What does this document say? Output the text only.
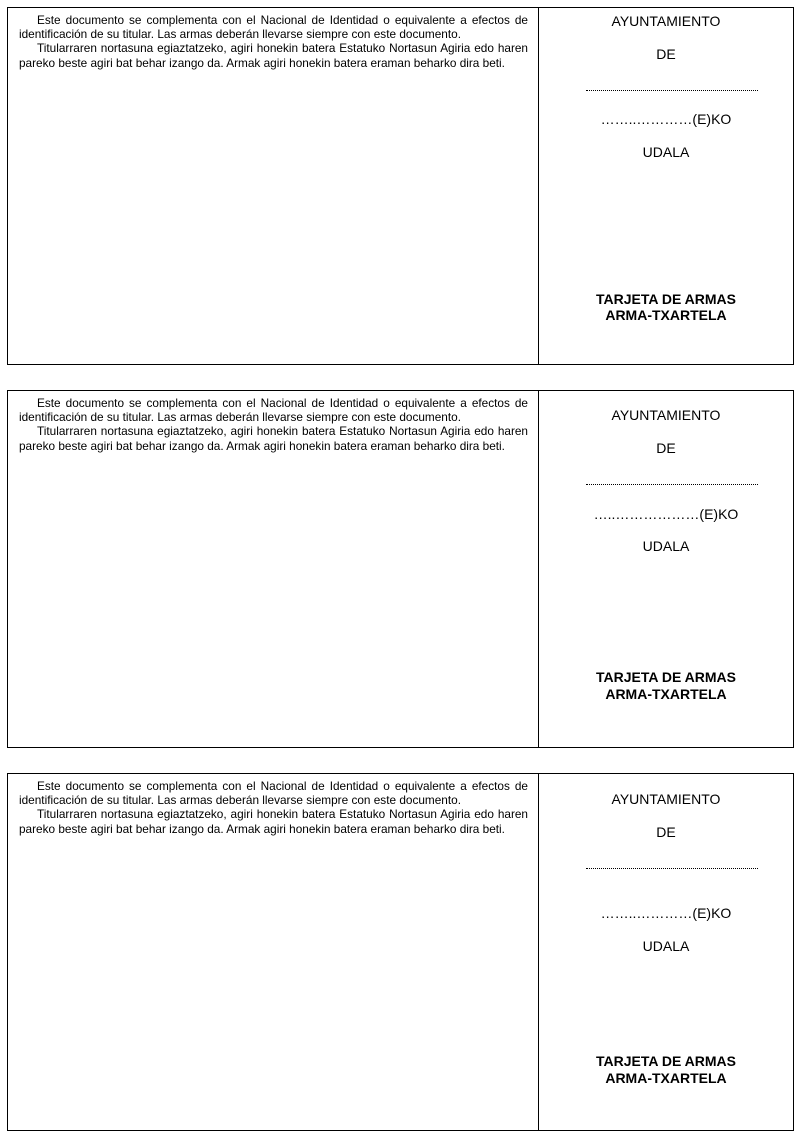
Este documento se complementa con el Nacional de Identidad o equivalente a efectos de identificación de su titular. Las armas deberán llevarse siempre con este documento.

Titularraren nortasuna egiaztatzeko, agiri honekin batera Estatuko Nortasun Agiria edo haren pareko beste agiri bat behar izango da. Armak agiri honekin batera eraman beharko dira beti.

AYUNTAMIENTO
DE
……..…………(E)KO
UDALA
TARJETA DE ARMAS
ARMA-TXARTELA

Este documento se complementa con el Nacional de Identidad o equivalente a efectos de identificación de su titular. Las armas deberán llevarse siempre con este documento.

Titularraren nortasuna egiaztatzeko, agiri honekin batera Estatuko Nortasun Agiria edo haren pareko beste agiri bat behar izango da. Armak agiri honekin batera eraman beharko dira beti.

AYUNTAMIENTO
DE
…..………………(E)KO
UDALA
TARJETA DE ARMAS
ARMA-TXARTELA

Este documento se complementa con el Nacional de Identidad o equivalente a efectos de identificación de su titular. Las armas deberán llevarse siempre con este documento.

Titularraren nortasuna egiaztatzeko, agiri honekin batera Estatuko Nortasun Agiria edo haren pareko beste agiri bat behar izango da. Armak agiri honekin batera eraman beharko dira beti.

AYUNTAMIENTO
DE
……..…………(E)KO
UDALA
TARJETA DE ARMAS
ARMA-TXARTELA
